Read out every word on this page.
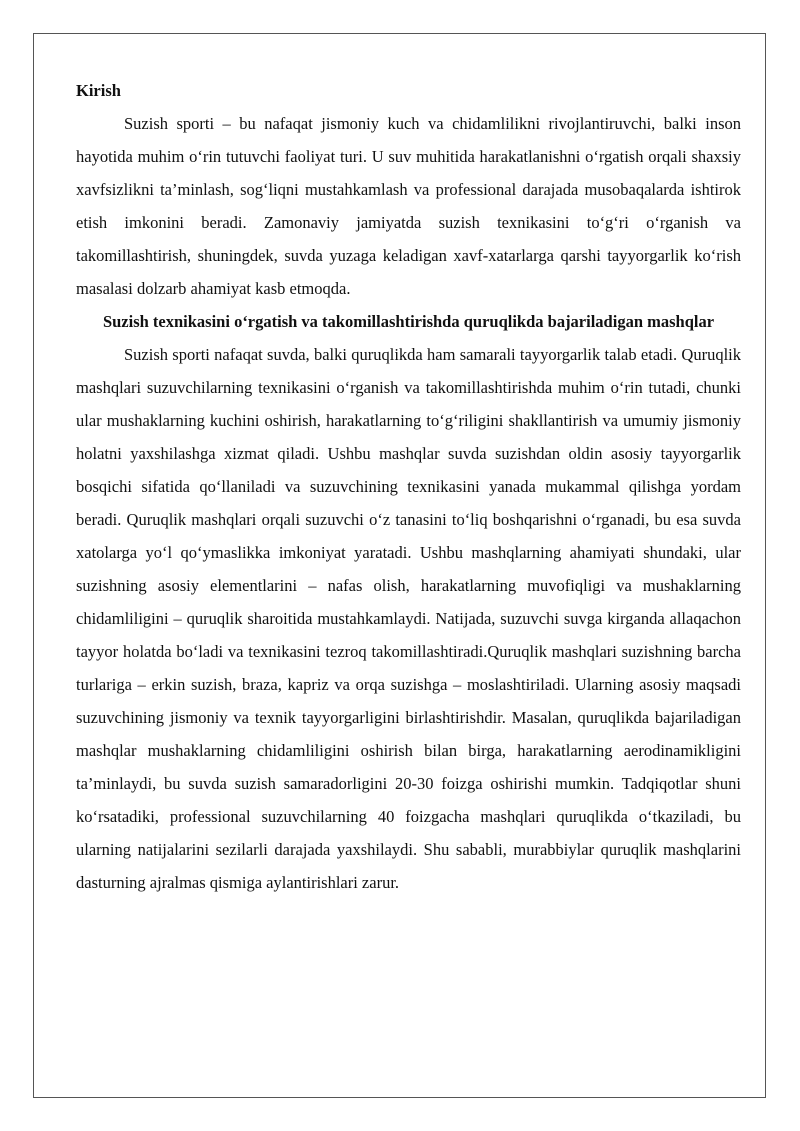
Kirish

Suzish sporti – bu nafaqat jismoniy kuch va chidamlilikni rivojlantiruvchi, balki inson hayotida muhim o‘rin tutuvchi faoliyat turi. U suv muhitida harakatlanishni o‘rgatish orqali shaxsiy xavfsizlikni ta’minlash, sog‘liqni mustahkamlash va professional darajada musobaqalarda ishtirok etish imkonini beradi. Zamonaviy jamiyatda suzish texnikasini to‘g‘ri o‘rganish va takomillashtirish, shuningdek, suvda yuzaga keladigan xavf-xatarlarga qarshi tayyorgarlik ko‘rish masalasi dolzarb ahamiyat kasb etmoqda.

Suzish texnikasini o‘rgatish va takomillashtirishda quruqlikda bajariladigan mashqlar

Suzish sporti nafaqat suvda, balki quruqlikda ham samarali tayyorgarlik talab etadi. Quruqlik mashqlari suzuvchilarning texnikasini o‘rganish va takomillashtirishda muhim o‘rin tutadi, chunki ular mushaklarning kuchini oshirish, harakatlarning to‘g‘riligini shakllantirish va umumiy jismoniy holatni yaxshilashga xizmat qiladi. Ushbu mashqlar suvda suzishdan oldin asosiy tayyorgarlik bosqichi sifatida qo‘llaniladi va suzuvchining texnikasini yanada mukammal qilishga yordam beradi. Quruqlik mashqlari orqali suzuvchi o‘z tanasini to‘liq boshqarishni o‘rganadi, bu esa suvda xatolarga yo‘l qo‘ymaslikka imkoniyat yaratadi. Ushbu mashqlarning ahamiyati shundaki, ular suzishning asosiy elementlarini – nafas olish, harakatlarning muvofiqligi va mushaklarning chidamliligini – quruqlik sharoitida mustahkamlaydi. Natijada, suzuvchi suvga kirganda allaqachon tayyor holatda bo‘ladi va texnikasini tezroq takomillashtiradi.Quruqlik mashqlari suzishning barcha turlariga – erkin suzish, braza, kapriz va orqa suzishga – moslashtiriladi. Ularning asosiy maqsadi suzuvchining jismoniy va texnik tayyorgarligini birlashtirishdir. Masalan, quruqlikda bajariladigan mashqlar mushaklarning chidamliligini oshirish bilan birga, harakatlarning aerodinamikligini ta’minlaydi, bu suvda suzish samaradorligini 20-30 foizga oshirishi mumkin. Tadqiqotlar shuni ko‘rsatadiki, professional suzuvchilarning 40 foizgacha mashqlari quruqlikda o‘tkaziladi, bu ularning natijalarini sezilarli darajada yaxshilaydi. Shu sababli, murabbiylar quruqlik mashqlarini dasturning ajralmas qismiga aylantirishlari zarur.
